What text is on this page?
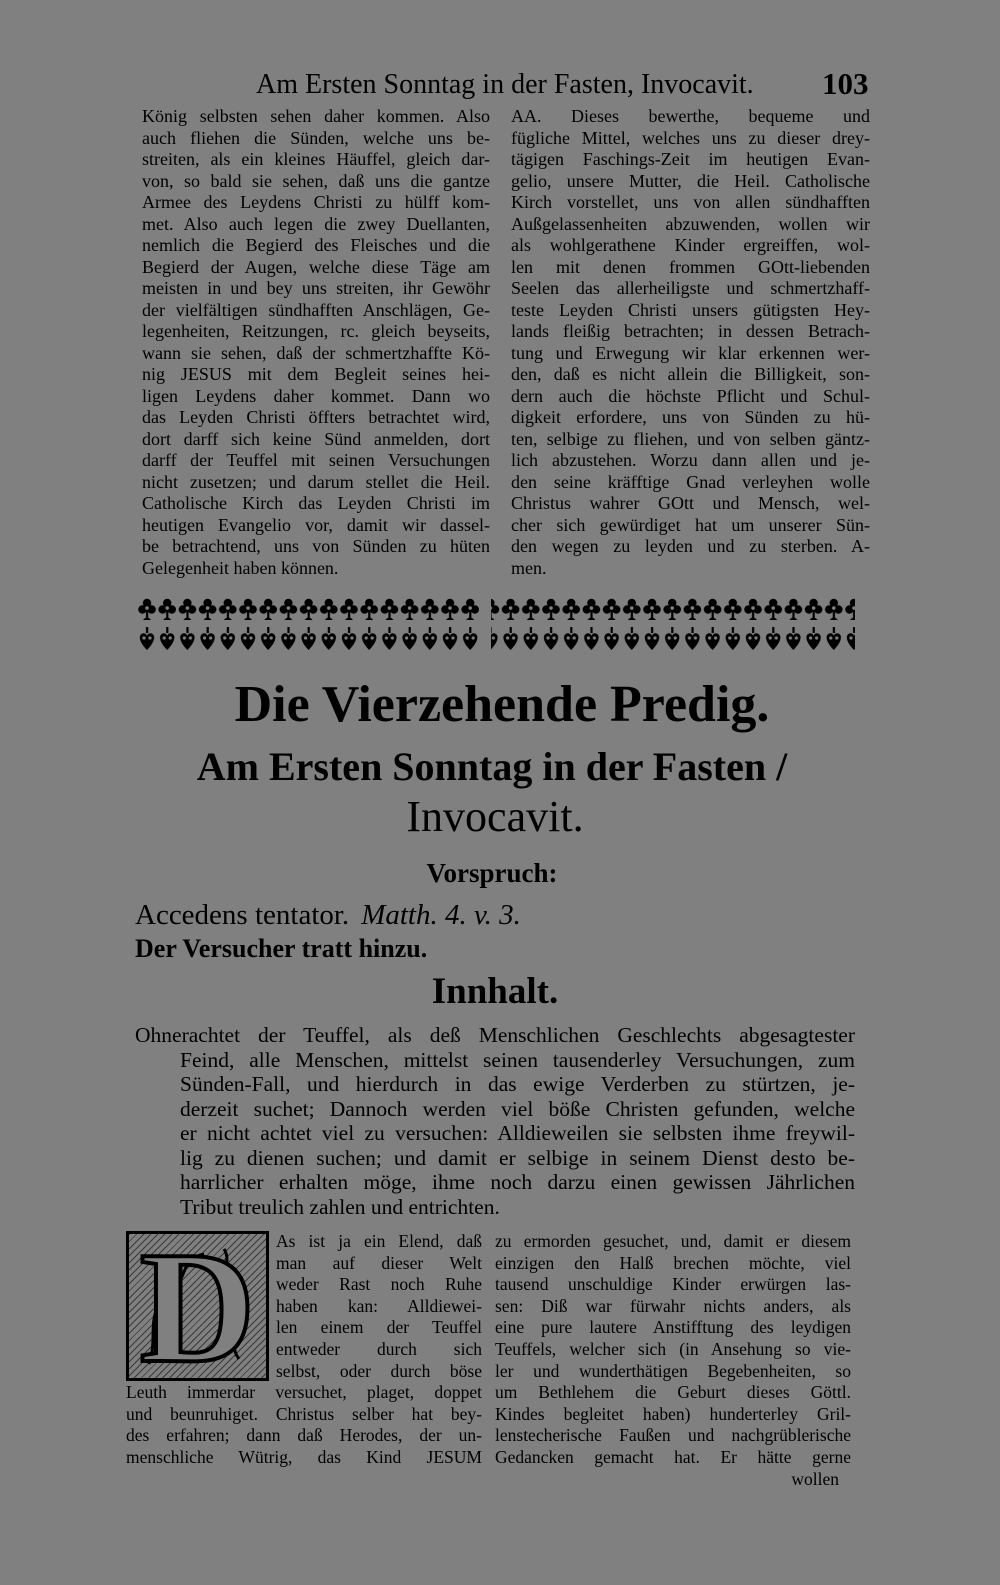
Am Ersten Sonntag in der Fasten, Invocavit. 103
König selbsten sehen daher kommen. Also
auch fliehen die Sünden, welche uns be-
streiten, als ein kleines Häuffel, gleich dar-
von, so bald sie sehen, daß uns die gantze
Armee des Leydens Christi zu hülff kom-
met. Also auch legen die zwey Duellanten,
nemlich die Begierd des Fleisches und die
Begierd der Augen, welche diese Täge am
meisten in und bey uns streiten, ihr Gewöhr
der vielfältigen sündhafften Anschlägen, Ge-
legenheiten, Reitzungen, rc. gleich beyseits,
wann sie sehen, daß der schmertzhaffte Kö-
nig JESUS mit dem Begleit seines hei-
ligen Leydens daher kommet. Dann wo
das Leyden Christi öffters betrachtet wird,
dort darff sich keine Sünd anmelden, dort
darff der Teuffel mit seinen Versuchungen
nicht zusetzen; und darum stellet die Heil.
Catholische Kirch das Leyden Christi im
heutigen Evangelio vor, damit wir dassel-
be betrachtend, uns von Sünden zu hüten
Gelegenheit haben können.
AA. Dieses bewerthe, bequeme und
fügliche Mittel, welches uns zu dieser drey-
tägigen Faschings-Zeit im heutigen Evan-
gelio, unsere Mutter, die Heil. Catholische
Kirch vorstellet, uns von allen sündhafften
Außgelassenheiten abzuwenden, wollen wir
als wohlgerathene Kinder ergreiffen, wol-
len mit denen frommen GOtt-liebenden
Seelen das allerheiligste und schmertzhaff-
teste Leyden Christi unsers gütigsten Hey-
lands fleißig betrachten; in dessen Betrach-
tung und Erwegung wir klar erkennen wer-
den, daß es nicht allein die Billigkeit, son-
dern auch die höchste Pflicht und Schul-
digkeit erfordere, uns von Sünden zu hü-
ten, selbige zu fliehen, und von selben gäntz-
lich abzustehen. Worzu dann allen und je-
den seine kräfftige Gnad verleyhen wolle
Christus wahrer GOtt und Mensch, wel-
cher sich gewürdiget hat um unserer Sün-
den wegen zu leyden und zu sterben. A-
men.
Die Vierzehende Predig.
Am Ersten Sonntag in der Fasten /
Invocavit.
Vorspruch:
Accedens tentator. Matth. 4. v. 3.
Der Versucher tratt hinzu.
Innhalt.
Ohnerachtet der Teuffel, als deß Menschlichen Geschlechts abgesagtester
Feind, alle Menschen, mittelst seinen tausenderley Versuchungen, zum
Sünden-Fall, und hierdurch in das ewige Verderben zu stürtzen, je-
derzeit suchet; Dannoch werden viel böße Christen gefunden, welche
er nicht achtet viel zu versuchen: Alldieweilen sie selbsten ihme freywil-
lig zu dienen suchen; und damit er selbige in seinem Dienst desto be-
harrlicher erhalten möge, ihme noch darzu einen gewissen Jährlichen
Tribut treulich zahlen und entrichten.
D	As ist ja ein Elend, daß
man auf dieser Welt
weder Rast noch Ruhe
haben kan: Alldiewei-
len einem der Teuffel
entweder durch sich
selbst, oder durch böse
Leuth immerdar versuchet, plaget, doppet
und beunruhiget. Christus selber hat bey-
des erfahren; dann daß Herodes, der un-
menschliche Wütrig, das Kind JESUM
zu ermorden gesuchet, und, damit er diesem
einzigen den Halß brechen möchte, viel
tausend unschuldige Kinder erwürgen las-
sen: Diß war fürwahr nichts anders, als
eine pure lautere Anstifftung des leydigen
Teuffels, welcher sich (in Ansehung so vie-
ler und wunderthätigen Begebenheiten, so
um Bethlehem die Geburt dieses Göttl.
Kindes begleitet haben) hunderterley Gril-
lenstecherische Faußen und nachgrüblerische
Gedancken gemacht hat. Er hätte gerne
wollen
